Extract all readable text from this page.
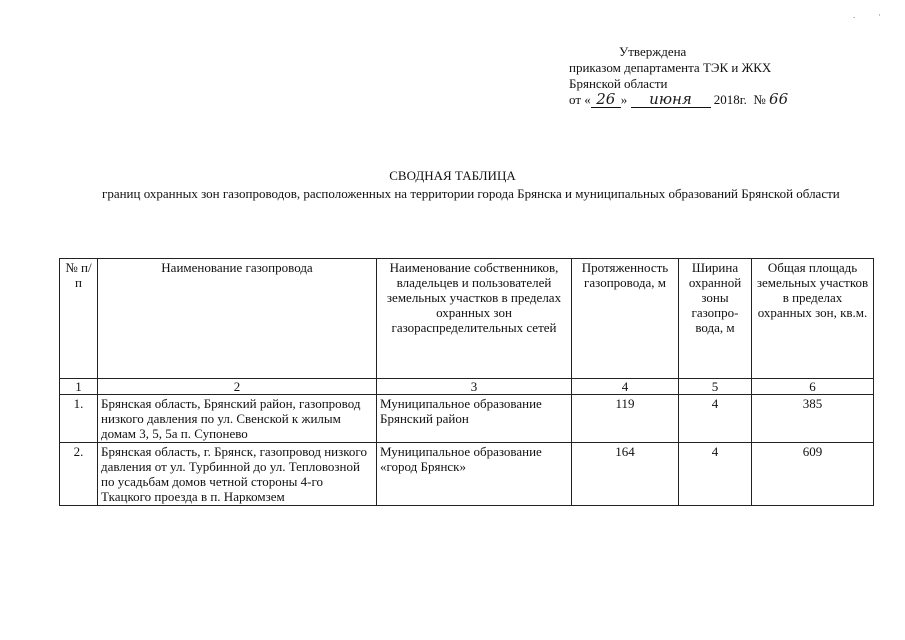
.	·
Утверждена
приказом департамента ТЭК и ЖКХ
Брянской области
от « 26 » июня 2018г. № 66
СВОДНАЯ ТАБЛИЦА
границ охранных зон газопроводов, расположенных на территории города Брянска и муниципальных образований Брянской области
№ п/п	Наименование газопровода	Наименование собственников, владельцев и пользователей земельных участков в пределах охранных зон газораспределительных сетей	Протяженность газопровода, м	Ширина охранной зоны газопро-вода, м	Общая площадь земельных участков в пределах охранных зон, кв.м.
1	2	3	4	5	6
1.	Брянская область, Брянский район, газопровод низкого давления по ул. Свенской к жилым домам 3, 5, 5а п. Супонево	Муниципальное образование Брянский район	119	4	385
2.	Брянская область, г. Брянск, газопровод низкого давления от ул. Турбинной до ул. Тепловозной по усадьбам домов четной стороны 4-го Ткацкого проезда в п. Наркомзем	Муниципальное образование «город Брянск»	164	4	609
